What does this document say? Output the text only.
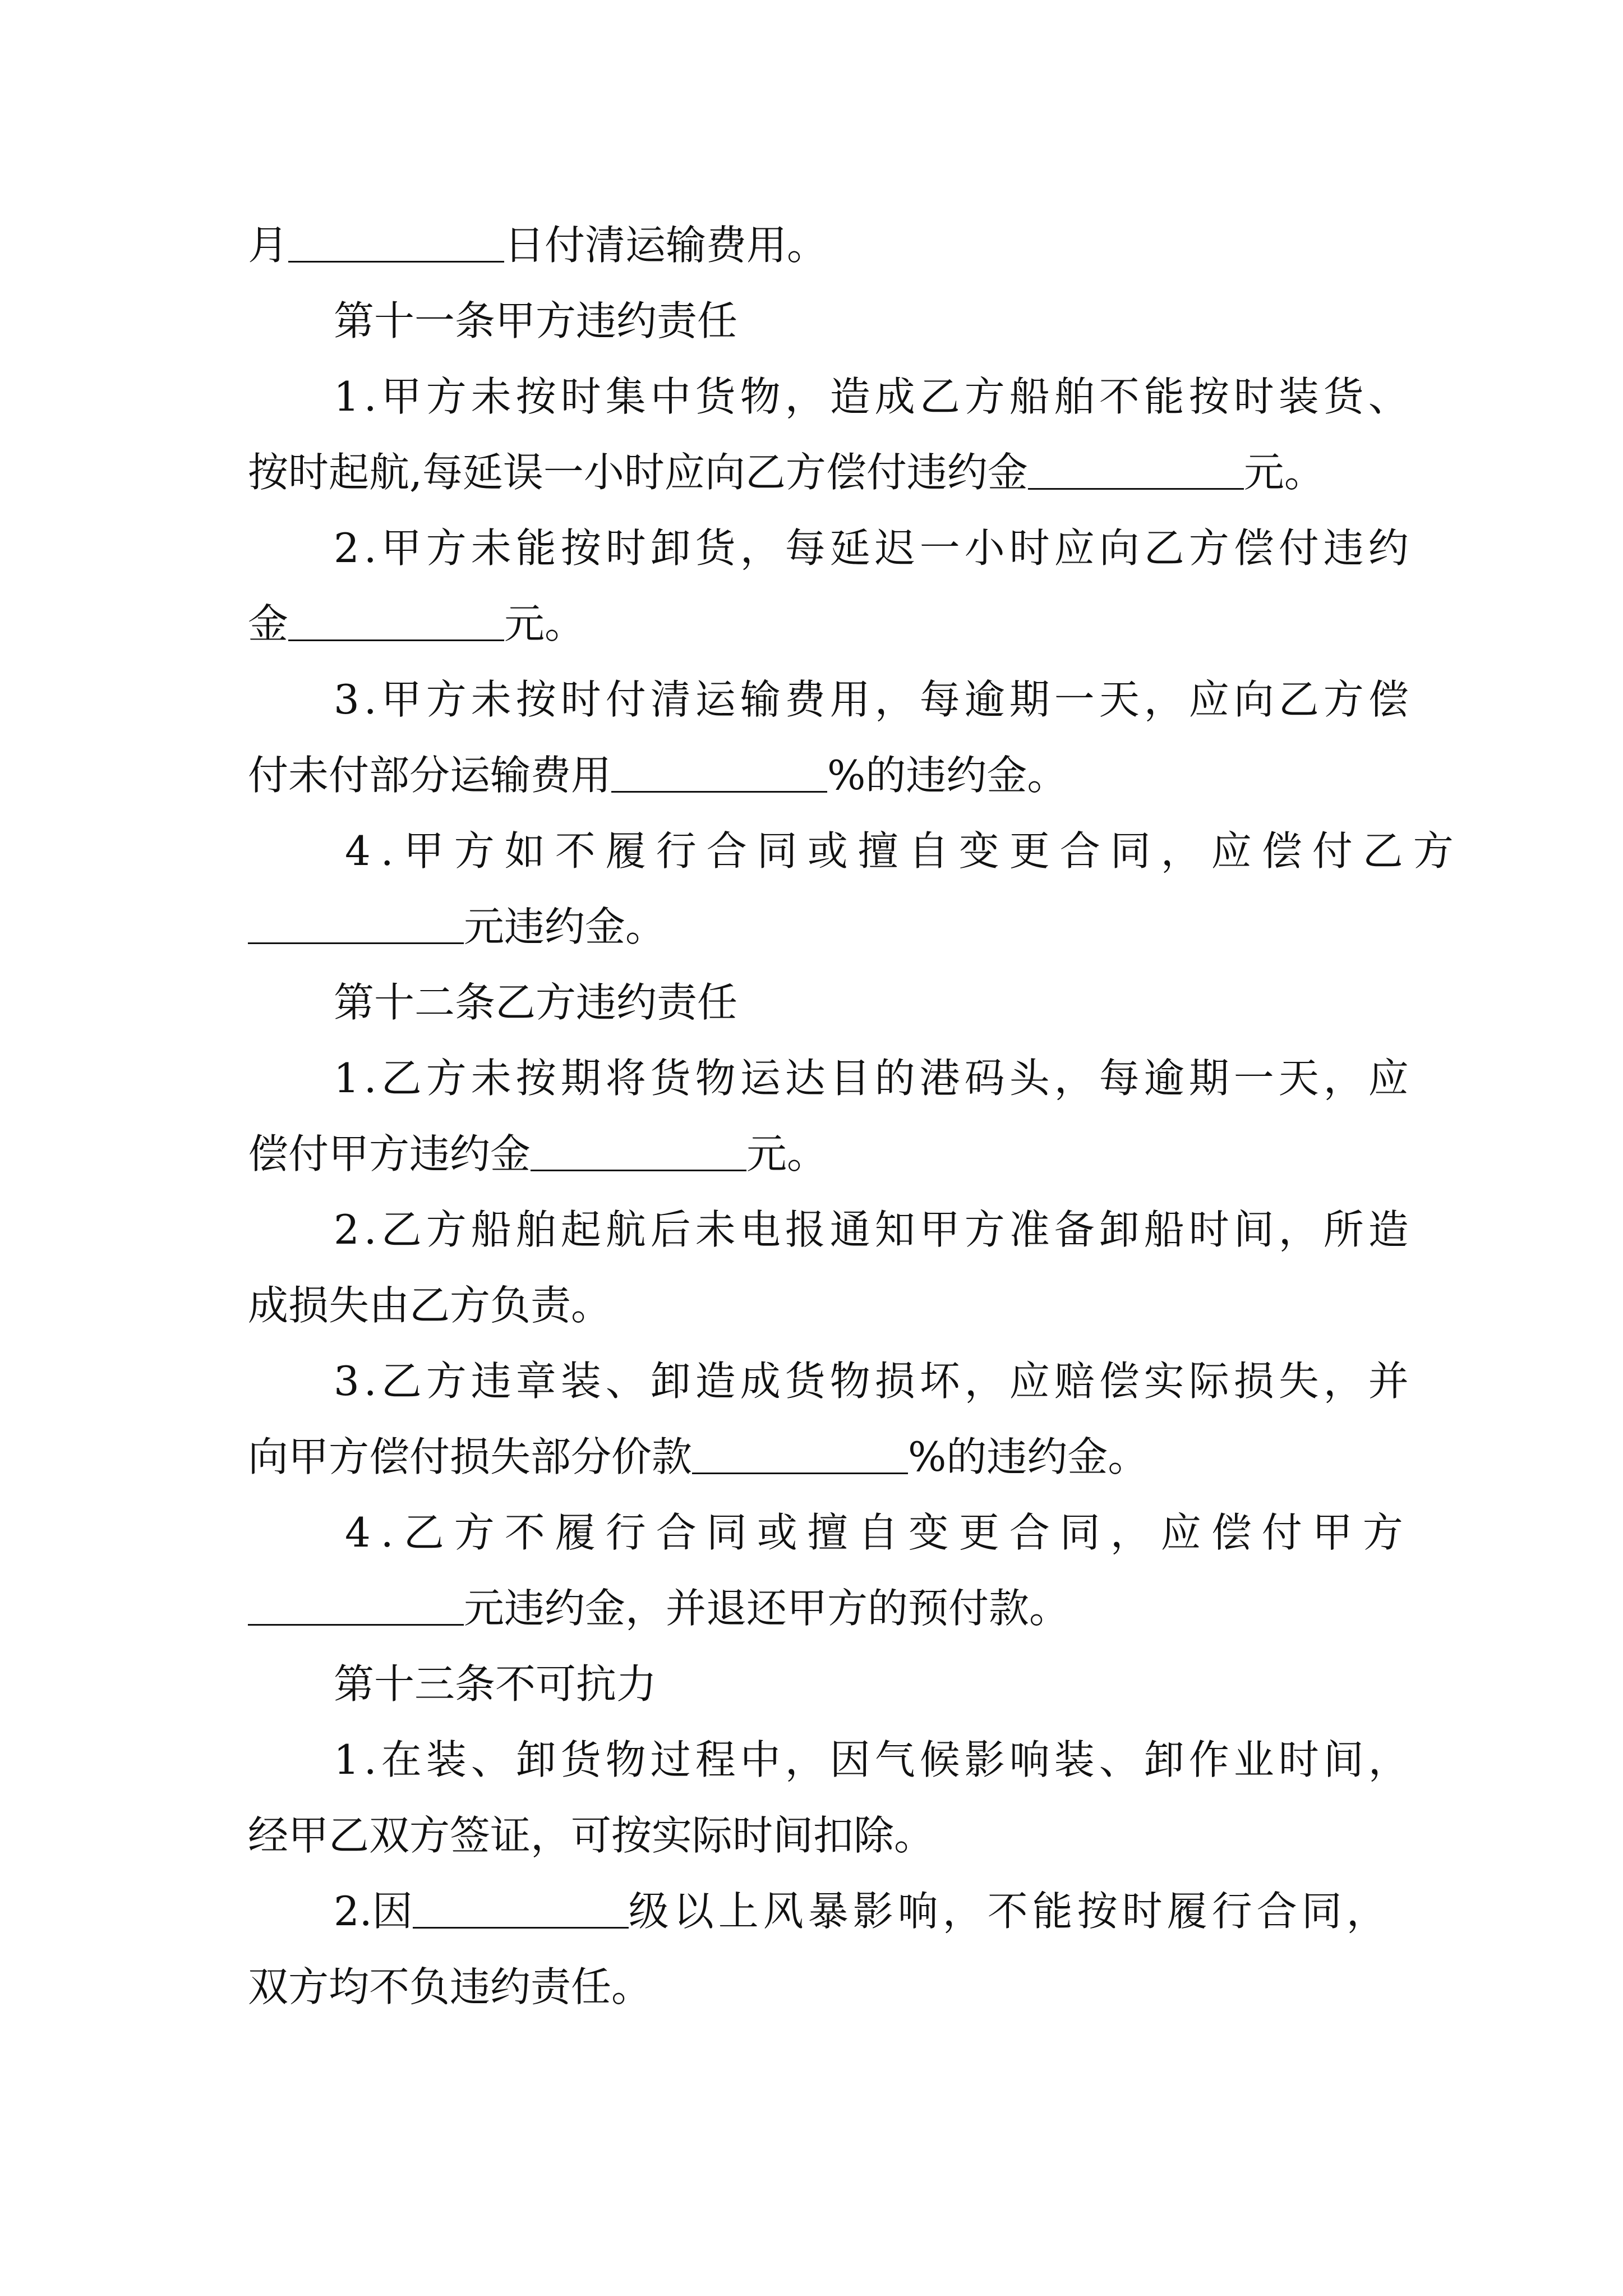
月	日付清运输费用。
第十一条甲方违约责任
1.甲方未按时集中货物，造成乙方船舶不能按时装货、
按时起航,每延误一小时应向乙方偿付违约金	元。
2.甲方未能按时卸货，每延迟一小时应向乙方偿付违约
金	元。
3.甲方未按时付清运输费用，每逾期一天，应向乙方偿
付未付部分运输费用	%的违约金。
4.甲方如不履行合同或擅自变更合同，应偿付乙方
元违约金。
第十二条乙方违约责任
1.乙方未按期将货物运达目的港码头，每逾期一天，应
偿付甲方违约金	元。
2.乙方船舶起航后未电报通知甲方准备卸船时间，所造
成损失由乙方负责。
3.乙方违章装、卸造成货物损坏，应赔偿实际损失，并
向甲方偿付损失部分价款	%的违约金。
4.乙方不履行合同或擅自变更合同，应偿付甲方
元违约金，并退还甲方的预付款。
第十三条不可抗力
1.在装、卸货物过程中，因气候影响装、卸作业时间，
经甲乙双方签证，可按实际时间扣除。
2.因	级以上风暴影响，不能按时履行合同，
双方均不负违约责任。
